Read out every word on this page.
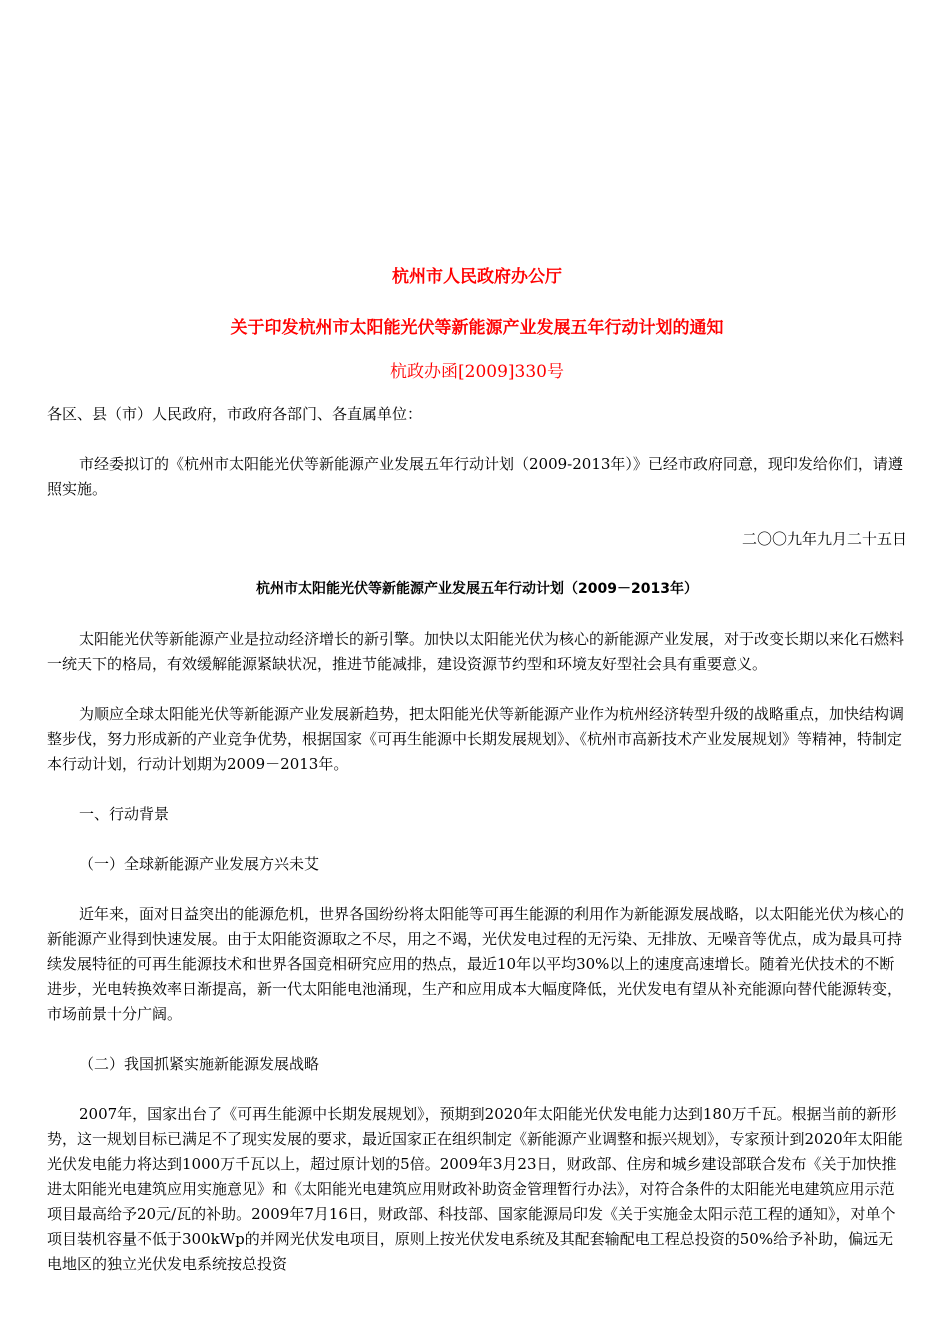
杭州市人民政府办公厅
关于印发杭州市太阳能光伏等新能源产业发展五年行动计划的通知
杭政办函[2009]330号

各区、县（市）人民政府，市政府各部门、各直属单位：

市经委拟订的《杭州市太阳能光伏等新能源产业发展五年行动计划（2009-2013年）》已经市政府同意，现印发给你们，请遵照实施。

二〇〇九年九月二十五日

杭州市太阳能光伏等新能源产业发展五年行动计划（2009－2013年）

太阳能光伏等新能源产业是拉动经济增长的新引擎。加快以太阳能光伏为核心的新能源产业发展，对于改变长期以来化石燃料一统天下的格局，有效缓解能源紧缺状况，推进节能减排，建设资源节约型和环境友好型社会具有重要意义。

为顺应全球太阳能光伏等新能源产业发展新趋势，把太阳能光伏等新能源产业作为杭州经济转型升级的战略重点，加快结构调整步伐，努力形成新的产业竞争优势，根据国家《可再生能源中长期发展规划》、《杭州市高新技术产业发展规划》等精神，特制定本行动计划，行动计划期为2009－2013年。

一、行动背景

（一）全球新能源产业发展方兴未艾

近年来，面对日益突出的能源危机，世界各国纷纷将太阳能等可再生能源的利用作为新能源发展战略，以太阳能光伏为核心的新能源产业得到快速发展。由于太阳能资源取之不尽，用之不竭，光伏发电过程的无污染、无排放、无噪音等优点，成为最具可持续发展特征的可再生能源技术和世界各国竞相研究应用的热点，最近10年以平均30%以上的速度高速增长。随着光伏技术的不断进步，光电转换效率日渐提高，新一代太阳能电池涌现，生产和应用成本大幅度降低，光伏发电有望从补充能源向替代能源转变，市场前景十分广阔。

（二）我国抓紧实施新能源发展战略

2007年，国家出台了《可再生能源中长期发展规划》，预期到2020年太阳能光伏发电能力达到180万千瓦。根据当前的新形势，这一规划目标已满足不了现实发展的要求，最近国家正在组织制定《新能源产业调整和振兴规划》，专家预计到2020年太阳能光伏发电能力将达到1000万千瓦以上，超过原计划的5倍。2009年3月23日，财政部、住房和城乡建设部联合发布《关于加快推进太阳能光电建筑应用实施意见》和《太阳能光电建筑应用财政补助资金管理暂行办法》，对符合条件的太阳能光电建筑应用示范项目最高给予20元/瓦的补助。2009年7月16日，财政部、科技部、国家能源局印发《关于实施金太阳示范工程的通知》，对单个项目装机容量不低于300kWp的并网光伏发电项目，原则上按光伏发电系统及其配套输配电工程总投资的50%给予补助，偏远无电地区的独立光伏发电系统按总投资
